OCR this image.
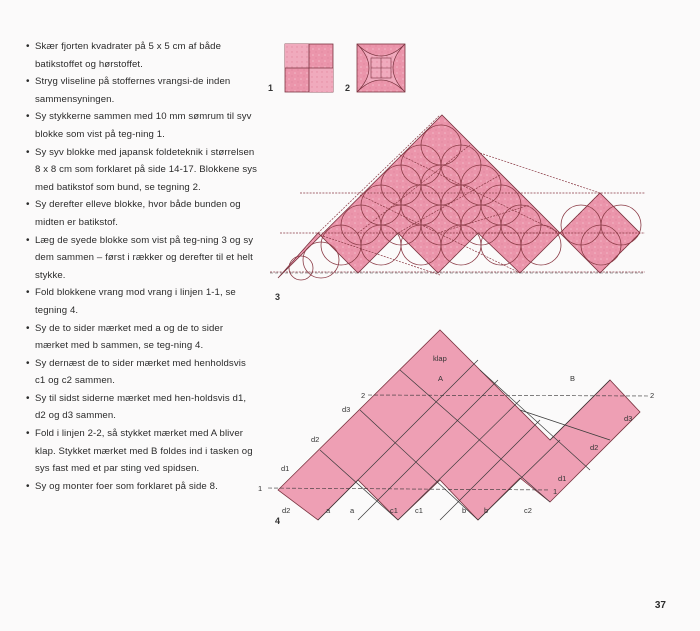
• Skær fjorten kvadrater på 5 x 5 cm af både batikstoffet og hørstoffet.
• Stryg vliselinе på stoffernes vrangsi-de inden sammensyningen.
• Sy stykkerne sammen med 10 mm sømrum til syv blokke som vist på teg-ning 1.
• Sy syv blokke med japansk foldeteknik i størrelsen 8 x 8 cm som forklaret på side 14-17. Blokkene sys med batikstof som bund, se tegning 2.
• Sy derefter elleve blokke, hvor både bunden og midten er batikstof.
• Læg de syede blokke som vist på teg-ning 3 og sy dem sammen – først i rækker og derefter til et helt stykke.
• Fold blokkene vrang mod vrang i linjen 1-1, se tegning 4.
• Sy de to sider mærket med a og de to sider mærket med b sammen, se teg-ning 4.
• Sy dernæst de to sider mærket med henholdsvis c1 og c2 sammen.
• Sy til sidst siderne mærket med hen-holdsvis d1, d2 og d3 sammen.
• Fold i linjen 2-2, så stykket mærket med A bliver klap. Stykket mærket med B foldes ind i tasken og sys fast med et par sting ved spidsen.
• Sy og monter foer som forklaret på side 8.
1	2
3
4
klap
A	B
2	2
1	1
d3
d2
d1
d3
d2
d1
d2	a	a	c1 c1	b b	c2
37
